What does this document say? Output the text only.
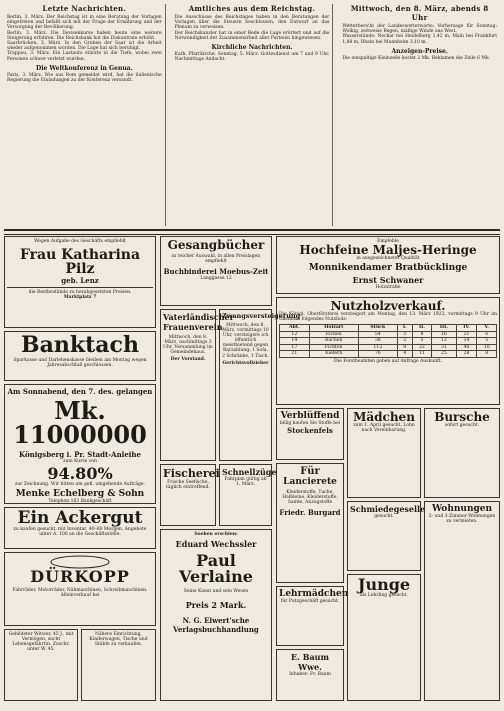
Letzte Nachrichten.

Berlin, 3. März. Der Reichstag ist in eine Beratung der Vorlagen eingetreten und befaßt sich mit der Frage der Ernährung und der Versorgung der Bevölkerung.

Berlin, 3. März. Die Devisenkurse haben heute eine weitere Steigerung erfahren. Die Reichsbank hat die Diskontrate erhöht.

Saarbrücken, 3. März. In den Gruben der Saar ist die Arbeit wieder aufgenommen worden. Die Lage hat sich beruhigt.

Trappau, 3. März. Ein Lastauto stürzte in die Tiefe, wobei zwei Personen schwer verletzt wurden.

Die Weltkonferenz in Genua.

Paris, 3. März. Wie aus Rom gemeldet wird, hat die italienische Regierung die Einladungen zu der Konferenz versandt.

Amtliches aus dem Reichstag.

Die Ausschüsse des Reichstages haben in den Beratungen der Vorlagen über die Steuern beschlossen, den Entwurf an das Plenum zu verweisen.

Der Reichskanzler hat in einer Rede die Lage erörtert und auf die Notwendigkeit der Zusammenarbeit aller Parteien hingewiesen.

Kirchliche Nachrichten.

Kath. Pfarrkirche. Sonntag, 5. März. Gottesdienst um 7 und 9 Uhr. Nachmittags Andacht.

Mittwoch, den 8. März, abends 8 Uhr

Wetterbericht der Landeswetterwarte: Vorhersage für Sonntag: Wolkig, zeitweise Regen, mäßige Winde aus West.

Wasserstände: Neckar bei Heidelberg 1,42 m, Main bei Frankfurt 1,88 m, Rhein bei Mannheim 3,10 m.

Anzeigen-Preise.

Die einspaltige Kleinzeile kostet 2 Mk. Reklamen die Zeile 6 Mk.

Wegen Aufgabe des Geschäfts empfiehlt

Frau Katharina Pilz

geb. Lenz

die Restbestände zu herabgesetzten Preisen.

Marktplatz 7

Banktach

Sparkasse und Darlehenskasse bleiben am Montag wegen Jahresabschluß geschlossen.

Am Sonnabend, den 7. des. gelangen

Mk. 11000000

Königsberg i. Pr. Stadt-Anleihe

zum Kurse von

94.80%

zur Zeichnung. Wir bitten um gefl. umgehende Aufträge.

Menke Echelberg & Sohn

Telephon 163 Bankgeschäft

Ein Ackergut

zu kaufen gesucht, mit Inventar, 40–60 Morgen. Angebote unter A. 100 an die Geschäftsstelle.

DÜRKOPP

Fahrräder, Motorräder, Nähmaschinen, Schreibmaschinen. Alleinverkauf bei

Gebildeter Witwer, 45 J., mit Vermögen, sucht Lebensgefährtin. Zuschr. unter W. 45.

Nähere Einrichtung, Kinderwagen, Tische und Stühle zu verkaufen.

Gesangbücher

in reicher Auswahl, in allen Preislagen empfiehlt

Buchbinderei Moebus-Zeit

Langgasse 12

Vaterländischer Frauenverein

Mittwoch, den 8. März, nachmittags 3 Uhr, Versammlung im Gemeindehaus.

Der Vorstand.

Zwangsversteigerung

Mittwoch, den 8. März, vormittags 10 Uhr, versteigere ich öffentlich meistbietend gegen Barzahlung: 1 Sofa, 2 Schränke, 1 Tisch.

Gerichtsvollzieher

Schnellzüge

Fahrplan gültig ab 1. März.

Fischerei

Frische Seefische, täglich eintreffend.

Soeben erschien:

Eduard Wechssler

Paul Verlaine

Seine Kunst und sein Wesen

Preis 2 Mark.

N. G. Elwert'sche Verlagsbuchhandlung

Empfehle

Hochfeine Maljes-Heringe

in ausgezeichneter Qualität

Monnikendamer Bratbücklinge

Ernst Schwaner

Holzstraße

Nutzholzverkauf.

Die Königl. Oberförsterei versteigert am Montag, den 13. März 1922, vormittags 9 Uhr im Gasthaus folgendes Nutzholz:

Abt.	Holzart	Stück	I.	II.	III.	IV.	V.
12	Eichen	54	3	8	16	21	6
14	Buchen	38	2	5	12	14	5
17	Fichten	112	9	22	31	40	10
21	Kiefern	76	4	11	25	28	8

Die Forstbeamten geben auf Anfrage Auskunft.

Verblüffend

billig kaufen Sie Stoffe bei

Stockenfels

Für

Lancierete

Kleiderstoffe, Tuche, Halbleine, Kleiderstoffe, Samte, Anzugstoffe

Friedr. Burgard

Lehrmädchen

für Putzgeschäft gesucht.

E. Baum Wwe.

Inhaber: Fr. Baum

Mädchen

zum 1. April gesucht. Lohn nach Vereinbarung.

Schmiedegeselle

gesucht.

Junge

als Lehrling gesucht.

Bursche

sofort gesucht.

Wohnungen

2- und 3-Zimmer-Wohnungen zu vermieten.
